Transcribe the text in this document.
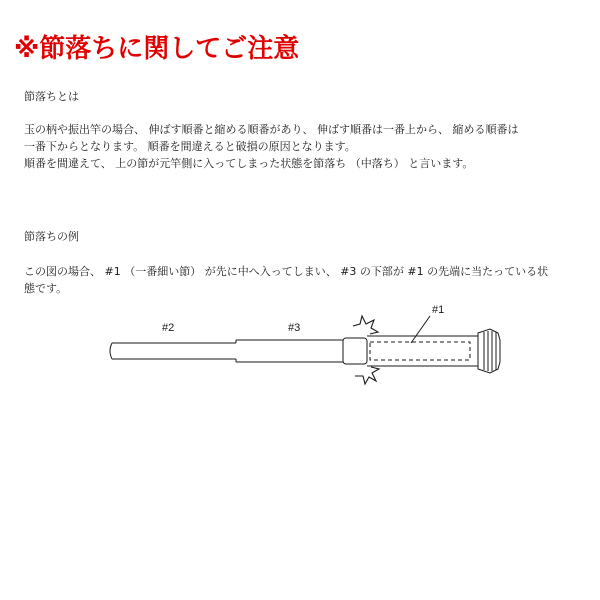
※節落ちに関してご注意
節落ちとは
玉の柄や振出竿の場合、 伸ばす順番と縮める順番があり、 伸ばす順番は一番上から、 縮める順番は
一番下からとなります。 順番を間違えると破損の原因となります。
順番を間違えて、 上の節が元竿側に入ってしまった状態を節落ち （中落ち） と言います。
節落ちの例
この図の場合、 #1 （一番細い節） が先に中へ入ってしまい、 #3 の下部が #1 の先端に当たっている状
態です。
#2	#3
#1
